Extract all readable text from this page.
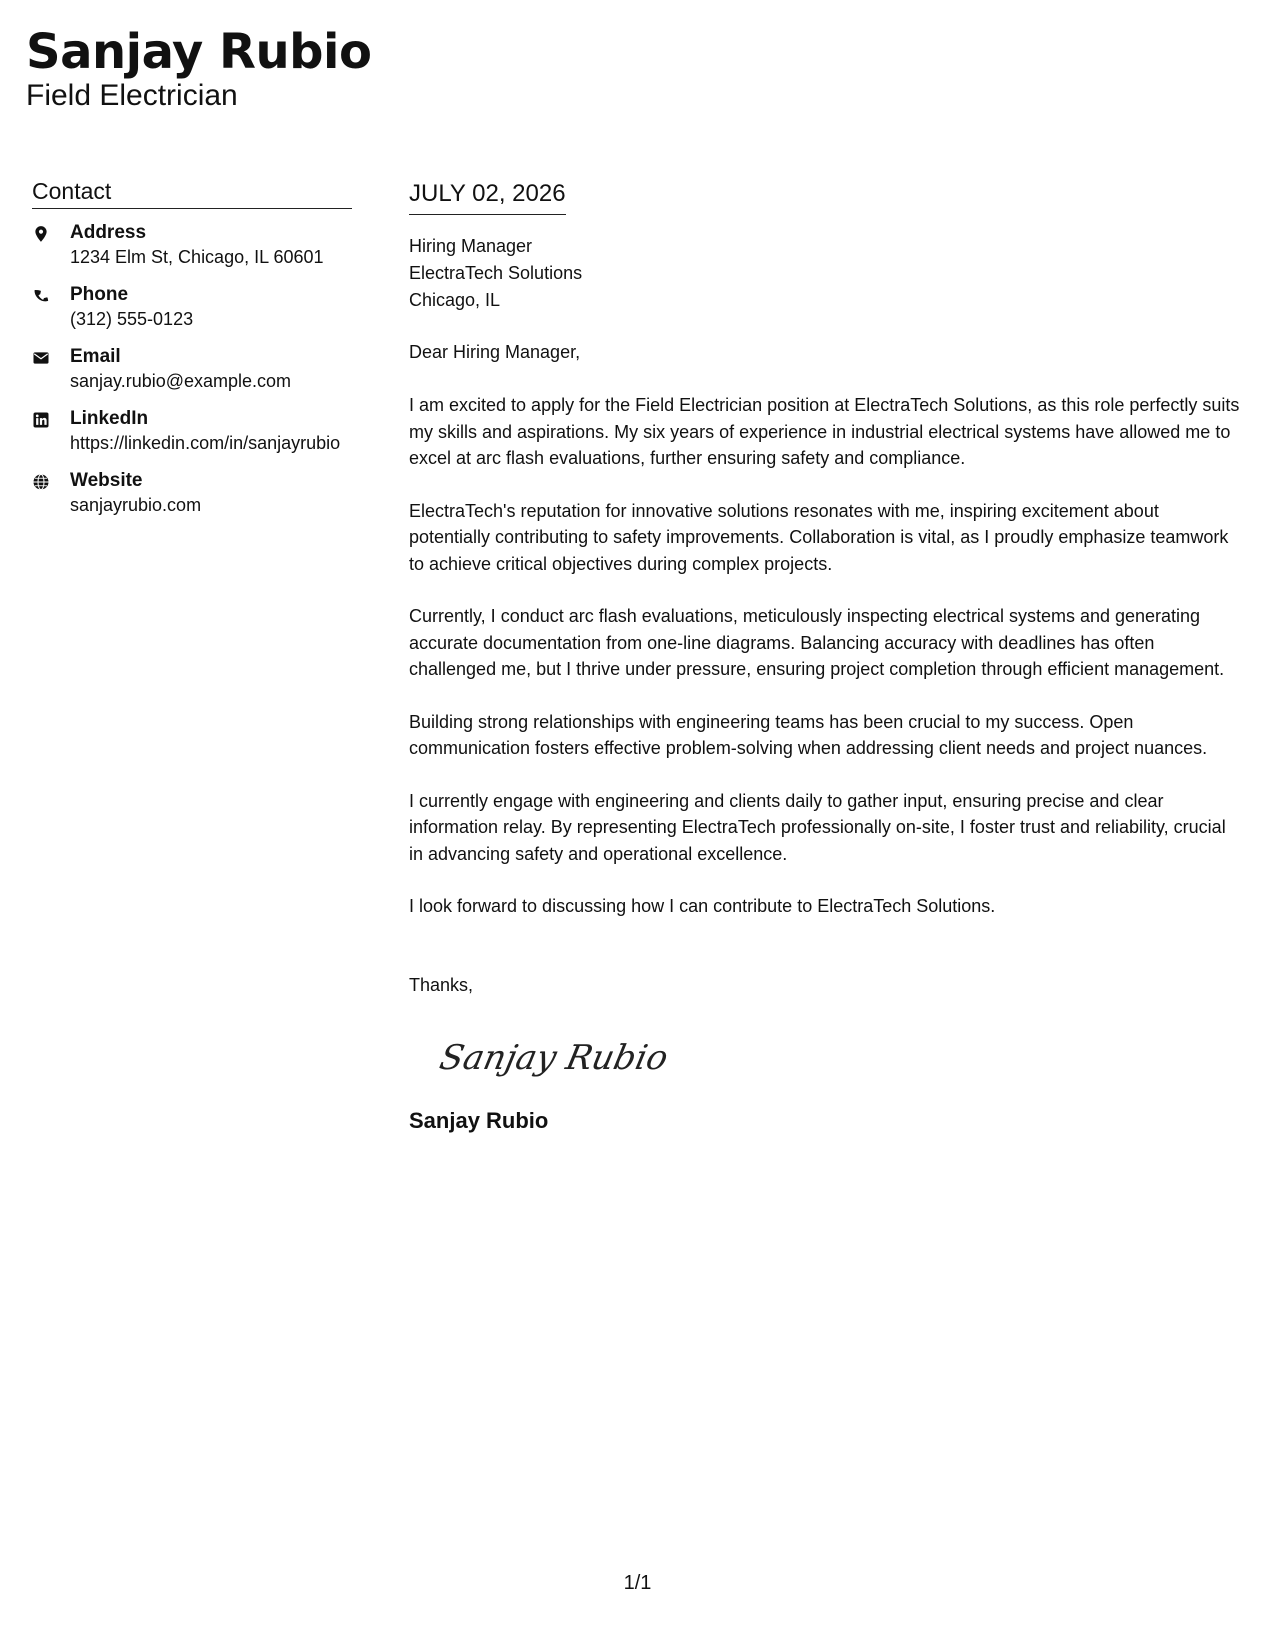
Sanjay Rubio
Field Electrician
Contact
Address
1234 Elm St, Chicago, IL 60601
Phone
(312) 555-0123
Email
sanjay.rubio@example.com
LinkedIn
https://linkedin.com/in/sanjayrubio
Website
sanjayrubio.com
JULY 02, 2026
Hiring Manager
ElectraTech Solutions
Chicago, IL
Dear Hiring Manager,

I am excited to apply for the Field Electrician position at ElectraTech Solutions, as this role perfectly suits my skills and aspirations. My six years of experience in industrial electrical systems have allowed me to excel at arc flash evaluations, further ensuring safety and compliance.

ElectraTech's reputation for innovative solutions resonates with me, inspiring excitement about potentially contributing to safety improvements. Collaboration is vital, as I proudly emphasize teamwork to achieve critical objectives during complex projects.

Currently, I conduct arc flash evaluations, meticulously inspecting electrical systems and generating accurate documentation from one-line diagrams. Balancing accuracy with deadlines has often challenged me, but I thrive under pressure, ensuring project completion through efficient management.

Building strong relationships with engineering teams has been crucial to my success. Open communication fosters effective problem-solving when addressing client needs and project nuances.

I currently engage with engineering and clients daily to gather input, ensuring precise and clear information relay. By representing ElectraTech professionally on-site, I foster trust and reliability, crucial in advancing safety and operational excellence.

I look forward to discussing how I can contribute to ElectraTech Solutions.

Thanks,
Sanjay Rubio
Sanjay Rubio
1/1
